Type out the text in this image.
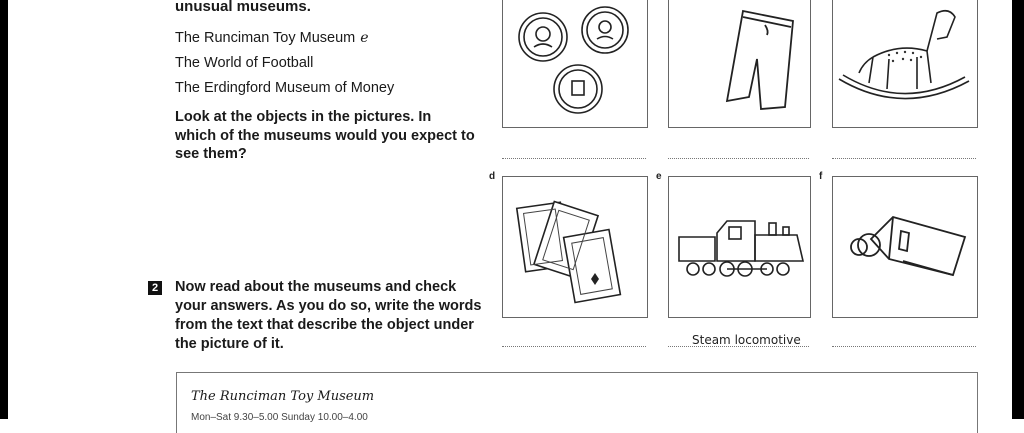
unusual museums.
The Runciman Toy Museum e
The World of Football
The Erdingford Museum of Money
Look at the objects in the pictures. In which of the museums would you expect to see them?
2 Now read about the museums and check your answers. As you do so, write the words from the text that describe the object under the picture of it.
d	e	f
Steam locomotive
The Runciman Toy Museum
Mon–Sat 9.30–5.00 Sunday 10.00–4.00
